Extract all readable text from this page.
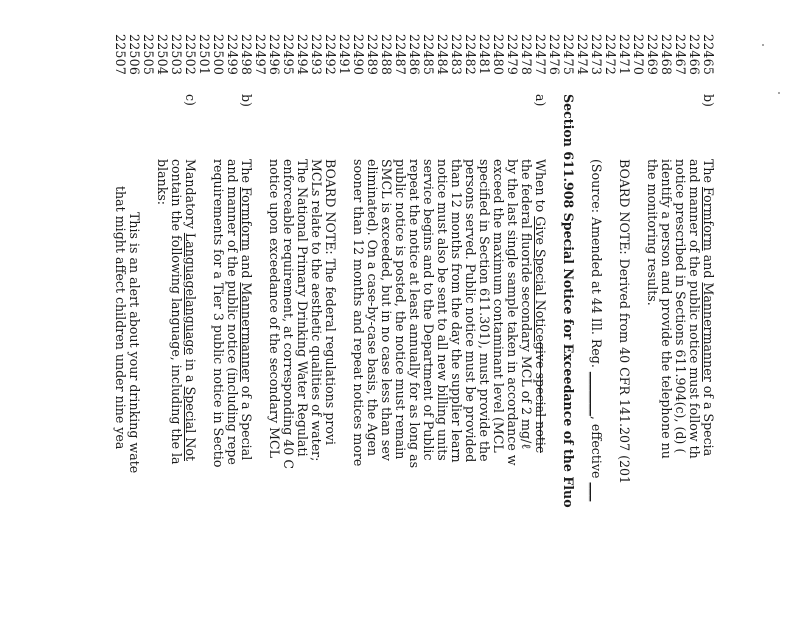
22465
22466
22467
22468
22469
22470
22471
22472
22473
22474
22475
22476
22477
22478
22479
22480
22481
22482
22483
22484
22485
22486
22487
22488
22489
22490
22491
22492
22493
22494
22495
22496
22497
22498
22499
22500
22501
22502
22503
22504
22505
22506
22507
b)
a)
b)
c)
The Formform and Mannermanner of a Specia
and manner of the public notice must follow th
notice prescribed in Sections 611.904(c), (d) (
identify a person and provide the telephone nu
the monitoring results.
BOARD NOTE: Derived from 40 CFR 141.207 (201
(Source: Amended at 44 Ill. Reg. _______, effective ___
Section 611.908 Special Notice for Exceedance of the Fluo
When to Give Special Noticegive special notic
the federal fluoride secondary MCL of 2 mg/ℓ
by the last single sample taken in accordance w
exceed the maximum contaminant level (MCL
specified in Section 611.301), must provide the
persons served. Public notice must be provided
than 12 months from the day the supplier learn
notice must also be sent to all new billing units
service begins and to the Department of Public
repeat the notice at least annually for as long as
public notice is posted, the notice must remain
SMCL is exceeded, but in no case less than sev
eliminated). On a case-by-case basis, the Agen
sooner than 12 months and repeat notices more
BOARD NOTE: The federal regulations provi
MCLs relate to the aesthetic qualities of water;
The National Primary Drinking Water Regulati
enforceable requirement, at corresponding 40 C
notice upon exceedance of the secondary MCL
The Formform and Mannermanner of a Special
and manner of the public notice (including repe
requirements for a Tier 3 public notice in Sectio
Mandatory Languagelanguage in a Special Not
contain the following language, including the la
blanks:
This is an alert about your drinking wate
that might affect children under nine yea
